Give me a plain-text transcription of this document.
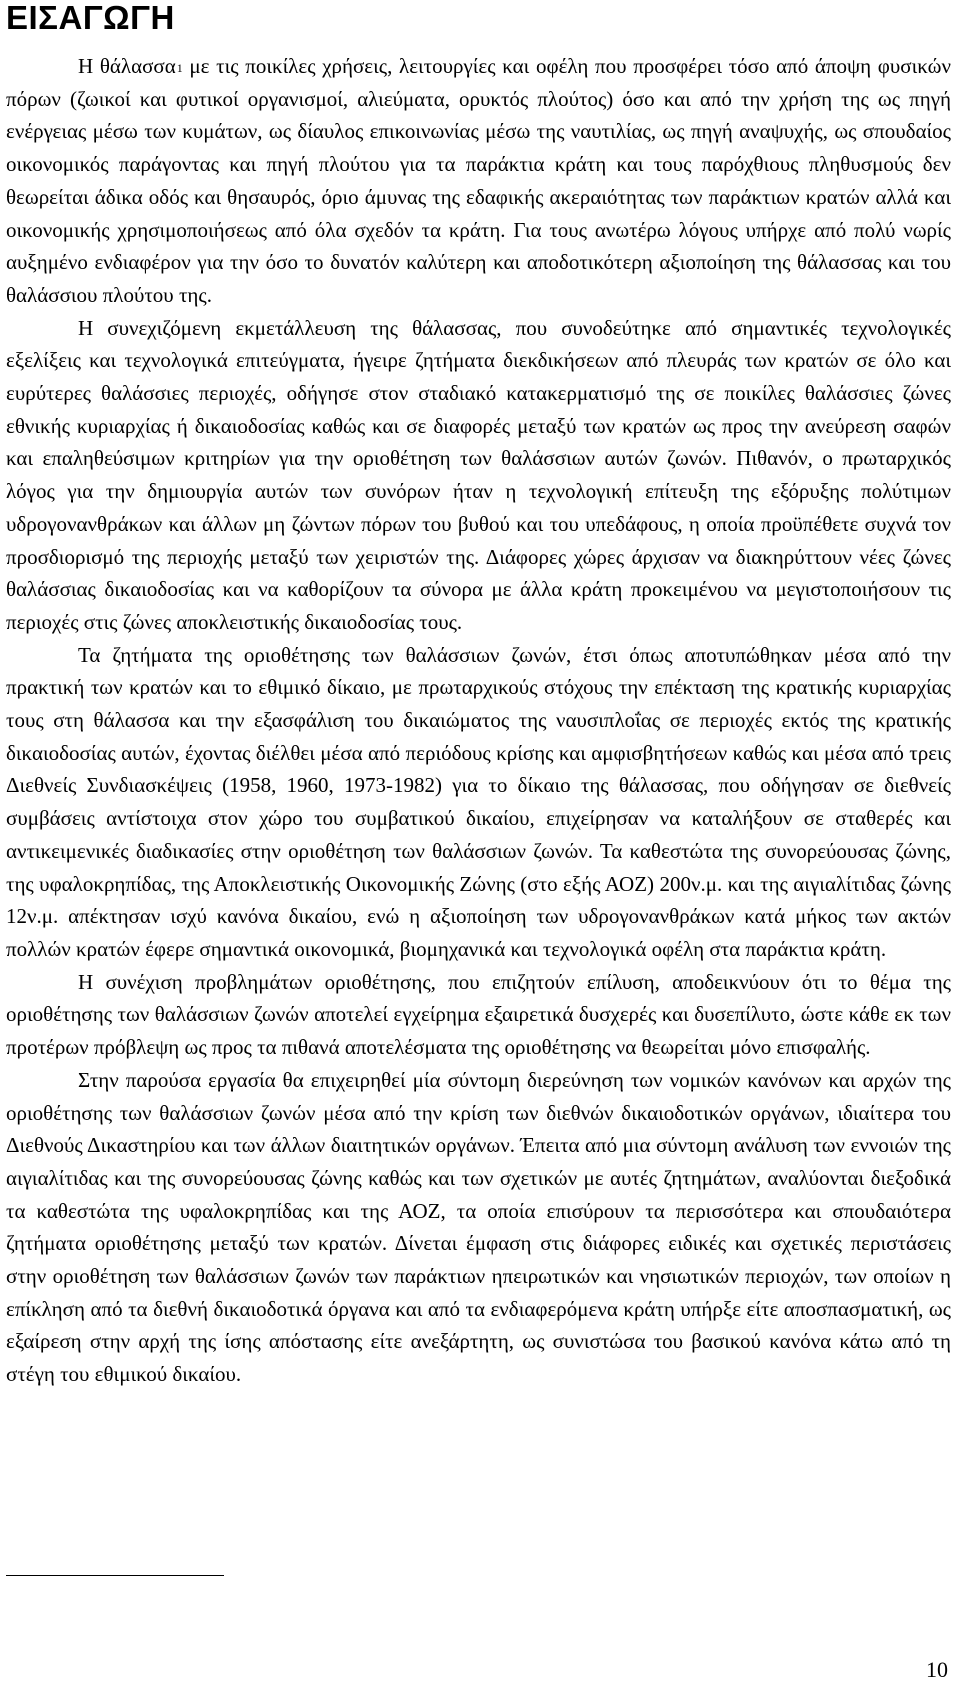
ΕΙΣΑΓΩΓΗ

Η θάλασσα$^1$ με τις ποικίλες χρήσεις, λειτουργίες και οφέλη που προσφέρει τόσο από άποψη φυσικών πόρων (ζωικοί και φυτικοί οργανισμοί, αλιεύματα, ορυκτός πλούτος) όσο και από την χρήση της ως πηγή ενέργειας μέσω των κυμάτων, ως δίαυλος επικοινωνίας μέσω της ναυτιλίας, ως πηγή αναψυχής, ως σπουδαίος οικονομικός παράγοντας και πηγή πλούτου για τα παράκτια κράτη και τους παρόχθιους πληθυσμούς δεν θεωρείται άδικα οδός και θησαυρός, όριο άμυνας της εδαφικής ακεραιότητας των παράκτιων κρατών αλλά και οικονομικής χρησιμοποιήσεως από όλα σχεδόν τα κράτη. Για τους ανωτέρω λόγους υπήρχε από πολύ νωρίς αυξημένο ενδιαφέρον για την όσο το δυνατόν καλύτερη και αποδοτικότερη αξιοποίηση της θάλασσας και του θαλάσσιου πλούτου της.

Η συνεχιζόμενη εκμετάλλευση της θάλασσας, που συνοδεύτηκε από σημαντικές τεχνολογικές εξελίξεις και τεχνολογικά επιτεύγματα, ήγειρε ζητήματα διεκδικήσεων από πλευράς των κρατών σε όλο και ευρύτερες θαλάσσιες περιοχές, οδήγησε στον σταδιακό κατακερματισμό της σε ποικίλες θαλάσσιες ζώνες εθνικής κυριαρχίας ή δικαιοδοσίας καθώς και σε διαφορές μεταξύ των κρατών ως προς την ανεύρεση σαφών και επαληθεύσιμων κριτηρίων για την οριοθέτηση των θαλάσσιων αυτών ζωνών. Πιθανόν, ο πρωταρχικός λόγος για την δημιουργία αυτών των συνόρων ήταν η τεχνολογική επίτευξη της εξόρυξης πολύτιμων υδρογονανθράκων και άλλων μη ζώντων πόρων του βυθού και του υπεδάφους, η οποία προϋπέθετε συχνά τον προσδιορισμό της περιοχής μεταξύ των χειριστών της. Διάφορες χώρες άρχισαν να διακηρύττουν νέες ζώνες θαλάσσιας δικαιοδοσίας και να καθορίζουν τα σύνορα με άλλα κράτη προκειμένου να μεγιστοποιήσουν τις περιοχές στις ζώνες αποκλειστικής δικαιοδοσίας τους.

Τα ζητήματα της οριοθέτησης των θαλάσσιων ζωνών, έτσι όπως αποτυπώθηκαν μέσα από την πρακτική των κρατών και το εθιμικό δίκαιο, με πρωταρχικούς στόχους την επέκταση της κρατικής κυριαρχίας τους στη θάλασσα και την εξασφάλιση του δικαιώματος της ναυσιπλοΐας σε περιοχές εκτός της κρατικής δικαιοδοσίας αυτών, έχοντας διέλθει μέσα από περιόδους κρίσης και αμφισβητήσεων καθώς και μέσα από τρεις Διεθνείς Συνδιασκέψεις (1958, 1960, 1973-1982) για το δίκαιο της θάλασσας, που οδήγησαν σε διεθνείς συμβάσεις αντίστοιχα στον χώρο του συμβατικού δικαίου, επιχείρησαν να καταλήξουν σε σταθερές και αντικειμενικές διαδικασίες στην οριοθέτηση των θαλάσσιων ζωνών. Τα καθεστώτα της συνορεύουσας ζώνης, της υφαλοκρηπίδας, της Αποκλειστικής Οικονομικής Ζώνης (στο εξής ΑΟΖ) 200ν.μ. και της αιγιαλίτιδας ζώνης 12ν.μ. απέκτησαν ισχύ κανόνα δικαίου, ενώ η αξιοποίηση των υδρογονανθράκων κατά μήκος των ακτών πολλών κρατών έφερε σημαντικά οικονομικά, βιομηχανικά και τεχνολογικά οφέλη στα παράκτια κράτη.

Η συνέχιση προβλημάτων οριοθέτησης, που επιζητούν επίλυση, αποδεικνύουν ότι το θέμα της οριοθέτησης των θαλάσσιων ζωνών αποτελεί εγχείρημα εξαιρετικά δυσχερές και δυσεπίλυτο, ώστε κάθε εκ των προτέρων πρόβλεψη ως προς τα πιθανά αποτελέσματα της οριοθέτησης να θεωρείται μόνο επισφαλής.

Στην παρούσα εργασία θα επιχειρηθεί μία σύντομη διερεύνηση των νομικών κανόνων και αρχών της οριοθέτησης των θαλάσσιων ζωνών μέσα από την κρίση των διεθνών δικαιοδοτικών οργάνων, ιδιαίτερα του Διεθνούς Δικαστηρίου και των άλλων διαιτητικών οργάνων. Έπειτα από μια σύντομη ανάλυση των εννοιών της αιγιαλίτιδας και της συνορεύουσας ζώνης καθώς και των σχετικών με αυτές ζητημάτων, αναλύονται διεξοδικά τα καθεστώτα της υφαλοκρηπίδας και της ΑΟΖ, τα οποία επισύρουν τα περισσότερα και σπουδαιότερα ζητήματα οριοθέτησης μεταξύ των κρατών. Δίνεται έμφαση στις διάφορες ειδικές και σχετικές περιστάσεις στην οριοθέτηση των θαλάσσιων ζωνών των παράκτιων ηπειρωτικών και νησιωτικών περιοχών, των οποίων η επίκληση από τα διεθνή δικαιοδοτικά όργανα και από τα ενδιαφερόμενα κράτη υπήρξε είτε αποσπασματική, ως εξαίρεση στην αρχή της ίσης απόστασης είτε ανεξάρτητη, ως συνιστώσα του βασικού κανόνα κάτω από τη στέγη του εθιμικού δικαίου.

10
